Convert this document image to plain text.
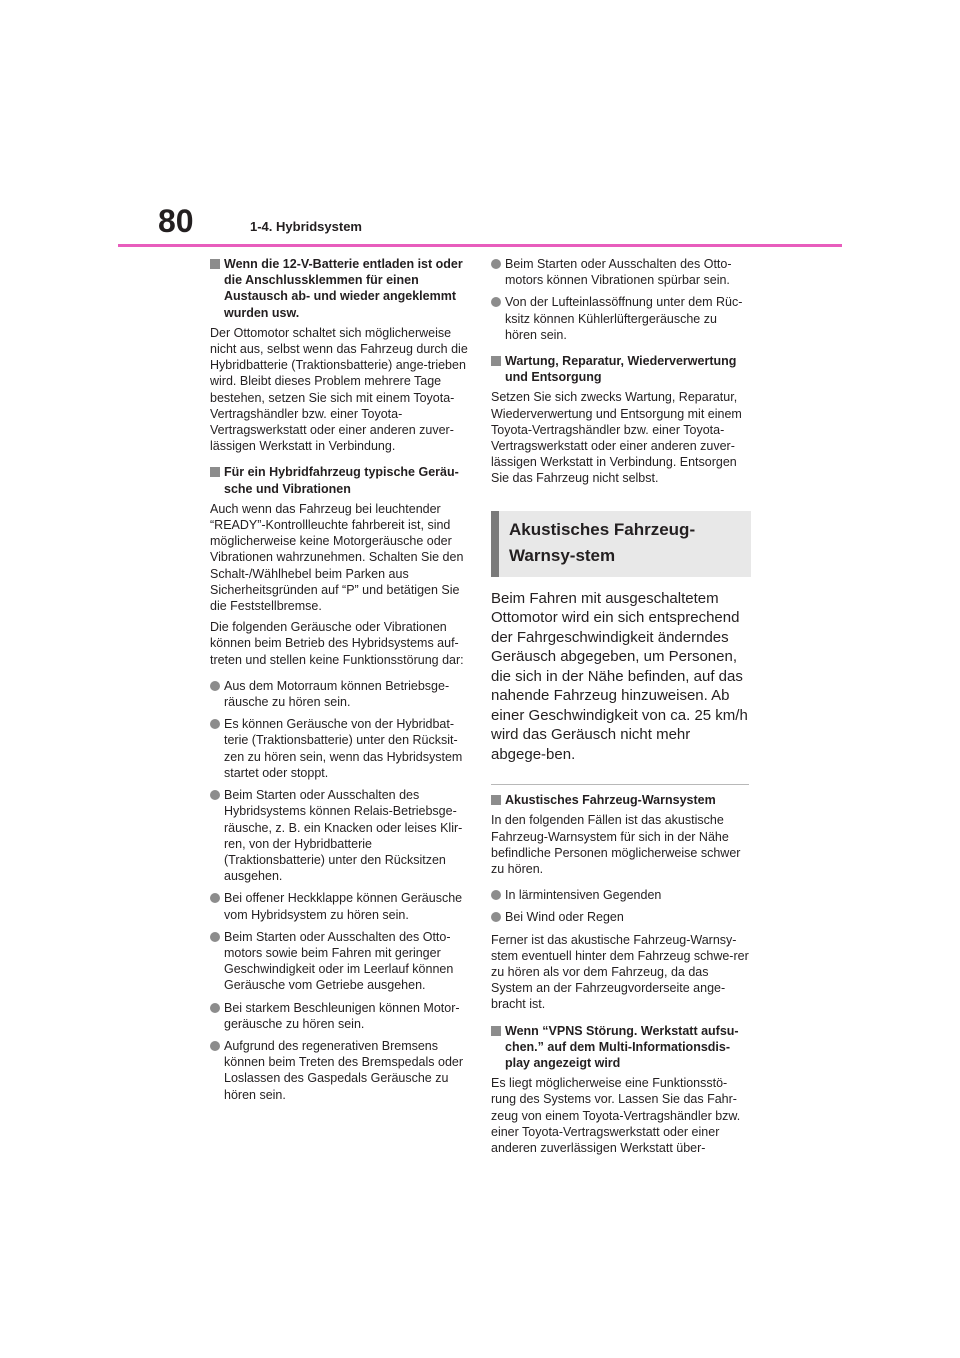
80	1-4. Hybridsystem
Wenn die 12-V-Batterie entladen ist oder die Anschlussklemmen für einen Austausch ab- und wieder angeklemmt wurden usw.

Der Ottomotor schaltet sich möglicherweise nicht aus, selbst wenn das Fahrzeug durch die Hybridbatterie (Traktionsbatterie) ange-trieben wird. Bleibt dieses Problem mehrere Tage bestehen, setzen Sie sich mit einem Toyota-Vertragshändler bzw. einer Toyota-Vertragswerkstatt oder einer anderen zuver-lässigen Werkstatt in Verbindung.

Für ein Hybridfahrzeug typische Geräu-sche und Vibrationen

Auch wenn das Fahrzeug bei leuchtender “READY”-Kontrollleuchte fahrbereit ist, sind möglicherweise keine Motorgeräusche oder Vibrationen wahrzunehmen. Schalten Sie den Schalt-/Wählhebel beim Parken aus Sicherheitsgründen auf “P” und betätigen Sie die Feststellbremse.

Die folgenden Geräusche oder Vibrationen können beim Betrieb des Hybridsystems auf-treten und stellen keine Funktionsstörung dar:

Aus dem Motorraum können Betriebsge-räusche zu hören sein.
Es können Geräusche von der Hybridbat-terie (Traktionsbatterie) unter den Rücksit-zen zu hören sein, wenn das Hybridsystem startet oder stoppt.
Beim Starten oder Ausschalten des Hybridsystems können Relais-Betriebsge-räusche, z. B. ein Knacken oder leises Klir-ren, von der Hybridbatterie (Traktionsbatterie) unter den Rücksitzen ausgehen.
Bei offener Heckklappe können Geräusche vom Hybridsystem zu hören sein.
Beim Starten oder Ausschalten des Otto-motors sowie beim Fahren mit geringer Geschwindigkeit oder im Leerlauf können Geräusche vom Getriebe ausgehen.
Bei starkem Beschleunigen können Motor-geräusche zu hören sein.
Aufgrund des regenerativen Bremsens können beim Treten des Bremspedals oder Loslassen des Gaspedals Geräusche zu hören sein.
Beim Starten oder Ausschalten des Otto-motors können Vibrationen spürbar sein.
Von der Lufteinlassöffnung unter dem Rüc-ksitz können Kühlerlüftergeräusche zu hören sein.
Wartung, Reparatur, Wiederverwertung und Entsorgung

Setzen Sie sich zwecks Wartung, Reparatur, Wiederverwertung und Entsorgung mit einem Toyota-Vertragshändler bzw. einer Toyota-Vertragswerkstatt oder einer anderen zuver-lässigen Werkstatt in Verbindung. Entsorgen Sie das Fahrzeug nicht selbst.

Akustisches Fahrzeug-Warnsy-stem

Beim Fahren mit ausgeschaltetem Ottomotor wird ein sich entsprechend der Fahrgeschwindigkeit änderndes Geräusch abgegeben, um Personen, die sich in der Nähe befinden, auf das nahende Fahrzeug hinzuweisen. Ab einer Geschwindigkeit von ca. 25 km/h wird das Geräusch nicht mehr abgege-ben.

Akustisches Fahrzeug-Warnsystem

In den folgenden Fällen ist das akustische Fahrzeug-Warnsystem für sich in der Nähe befindliche Personen möglicherweise schwer zu hören.

In lärmintensiven Gegenden
Bei Wind oder Regen

Ferner ist das akustische Fahrzeug-Warnsy-stem eventuell hinter dem Fahrzeug schwe-rer zu hören als vor dem Fahrzeug, da das System an der Fahrzeugvorderseite ange-bracht ist.

Wenn “VPNS Störung. Werkstatt aufsu-chen.” auf dem Multi-Informationsdis-play angezeigt wird

Es liegt möglicherweise eine Funktionsstö-rung des Systems vor. Lassen Sie das Fahr-zeug von einem Toyota-Vertragshändler bzw. einer Toyota-Vertragswerkstatt oder einer anderen zuverlässigen Werkstatt über-
